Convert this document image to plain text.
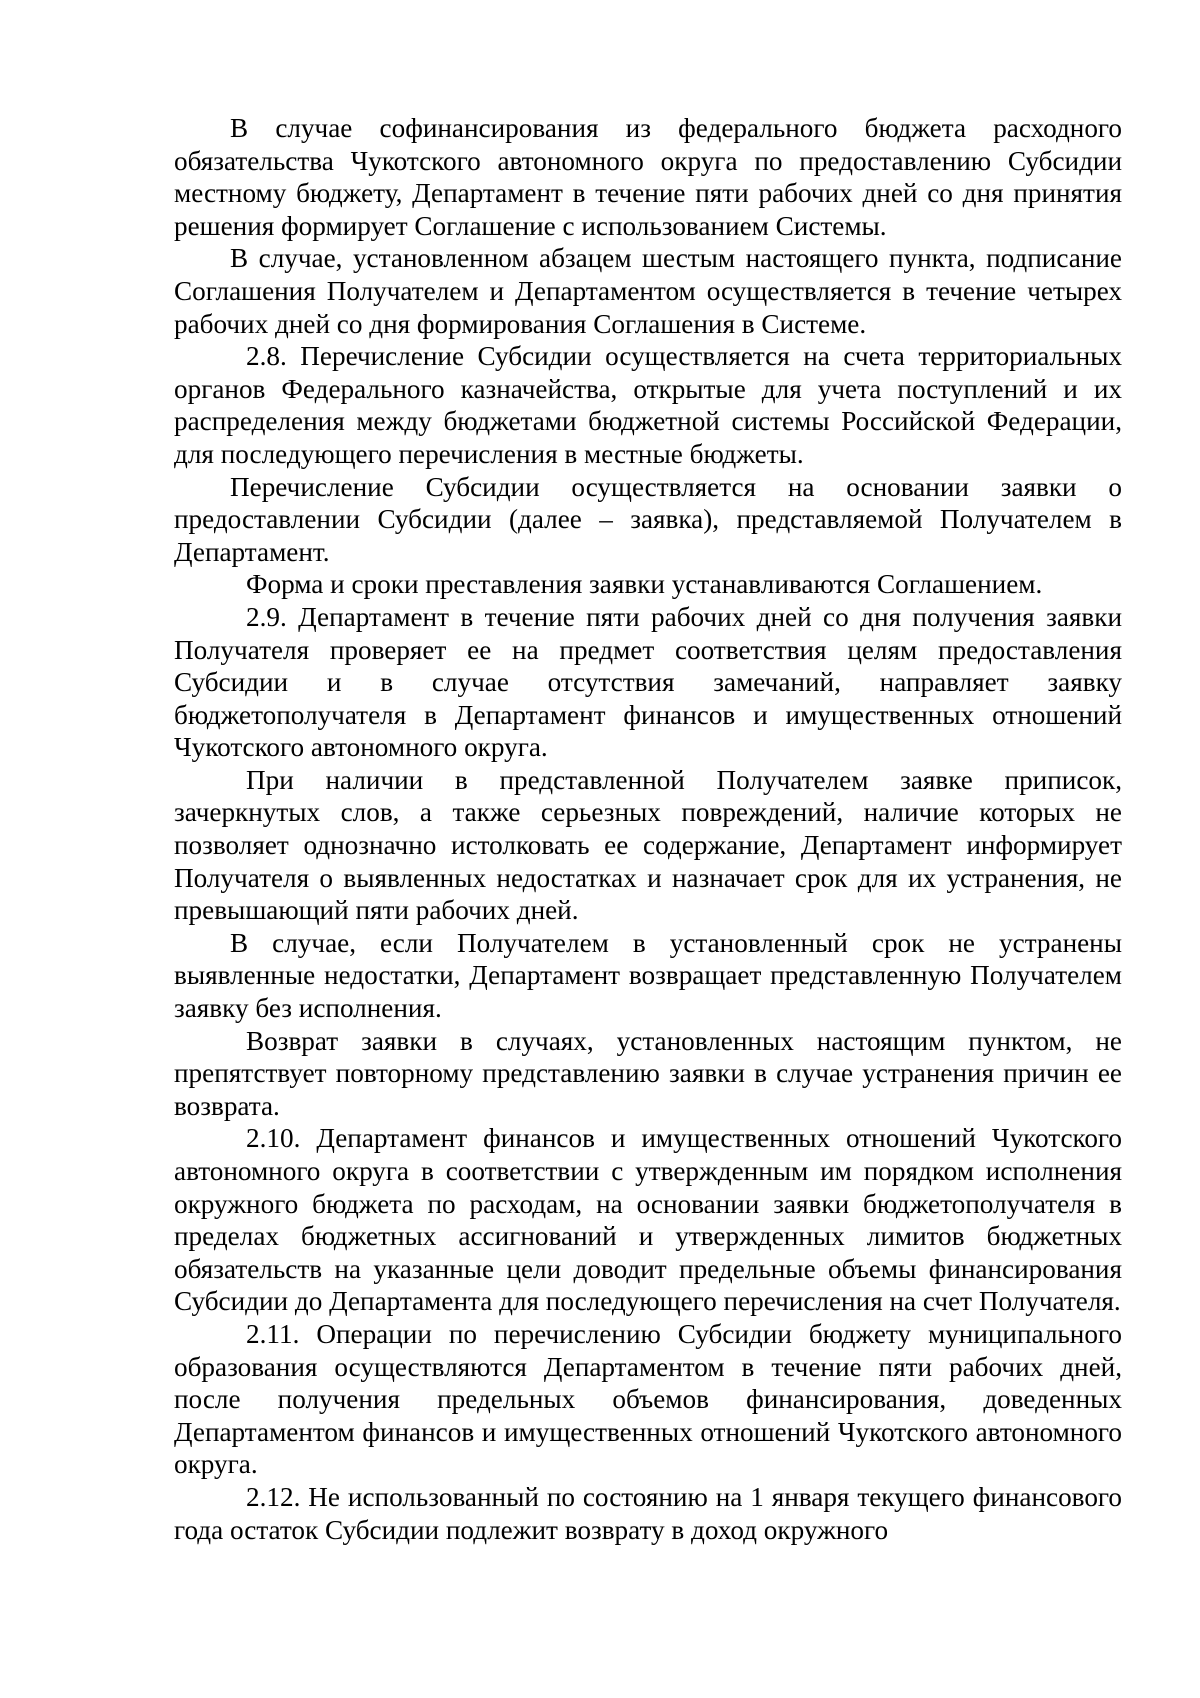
В случае софинансирования из федерального бюджета расходного обязательства Чукотского автономного округа по предоставлению Субсидии местному бюджету, Департамент в течение пяти рабочих дней со дня принятия решения формирует Соглашение с использованием Системы.

В случае, установленном абзацем шестым настоящего пункта, подписание Соглашения Получателем и Департаментом осуществляется в течение четырех рабочих дней со дня формирования Соглашения в Системе.

2.8. Перечисление Субсидии осуществляется на счета территориальных органов Федерального казначейства, открытые для учета поступлений и их распределения между бюджетами бюджетной системы Российской Федерации, для последующего перечисления в местные бюджеты.

Перечисление Субсидии осуществляется на основании заявки о предоставлении Субсидии (далее – заявка), представляемой Получателем в Департамент.

Форма и сроки преставления заявки устанавливаются Соглашением.

2.9. Департамент в течение пяти рабочих дней со дня получения заявки Получателя проверяет ее на предмет соответствия целям предоставления Субсидии и в случае отсутствия замечаний, направляет заявку бюджетополучателя в Департамент финансов и имущественных отношений Чукотского автономного округа.

При наличии в представленной Получателем заявке приписок, зачеркнутых слов, а также серьезных повреждений, наличие которых не позволяет однозначно истолковать ее содержание, Департамент информирует Получателя о выявленных недостатках и назначает срок для их устранения, не превышающий пяти рабочих дней.

В случае, если Получателем в установленный срок не устранены выявленные недостатки, Департамент возвращает представленную Получателем заявку без исполнения.

Возврат заявки в случаях, установленных настоящим пунктом, не препятствует повторному представлению заявки в случае устранения причин ее возврата.

2.10. Департамент финансов и имущественных отношений Чукотского автономного округа в соответствии с утвержденным им порядком исполнения окружного бюджета по расходам, на основании заявки бюджетополучателя в пределах бюджетных ассигнований и утвержденных лимитов бюджетных обязательств на указанные цели доводит предельные объемы финансирования Субсидии до Департамента для последующего перечисления на счет Получателя.

2.11. Операции по перечислению Субсидии бюджету муниципального образования осуществляются Департаментом в течение пяти рабочих дней, после получения предельных объемов финансирования, доведенных Департаментом финансов и имущественных отношений Чукотского автономного округа.

2.12. Не использованный по состоянию на 1 января текущего финансового года остаток Субсидии подлежит возврату в доход окружного
